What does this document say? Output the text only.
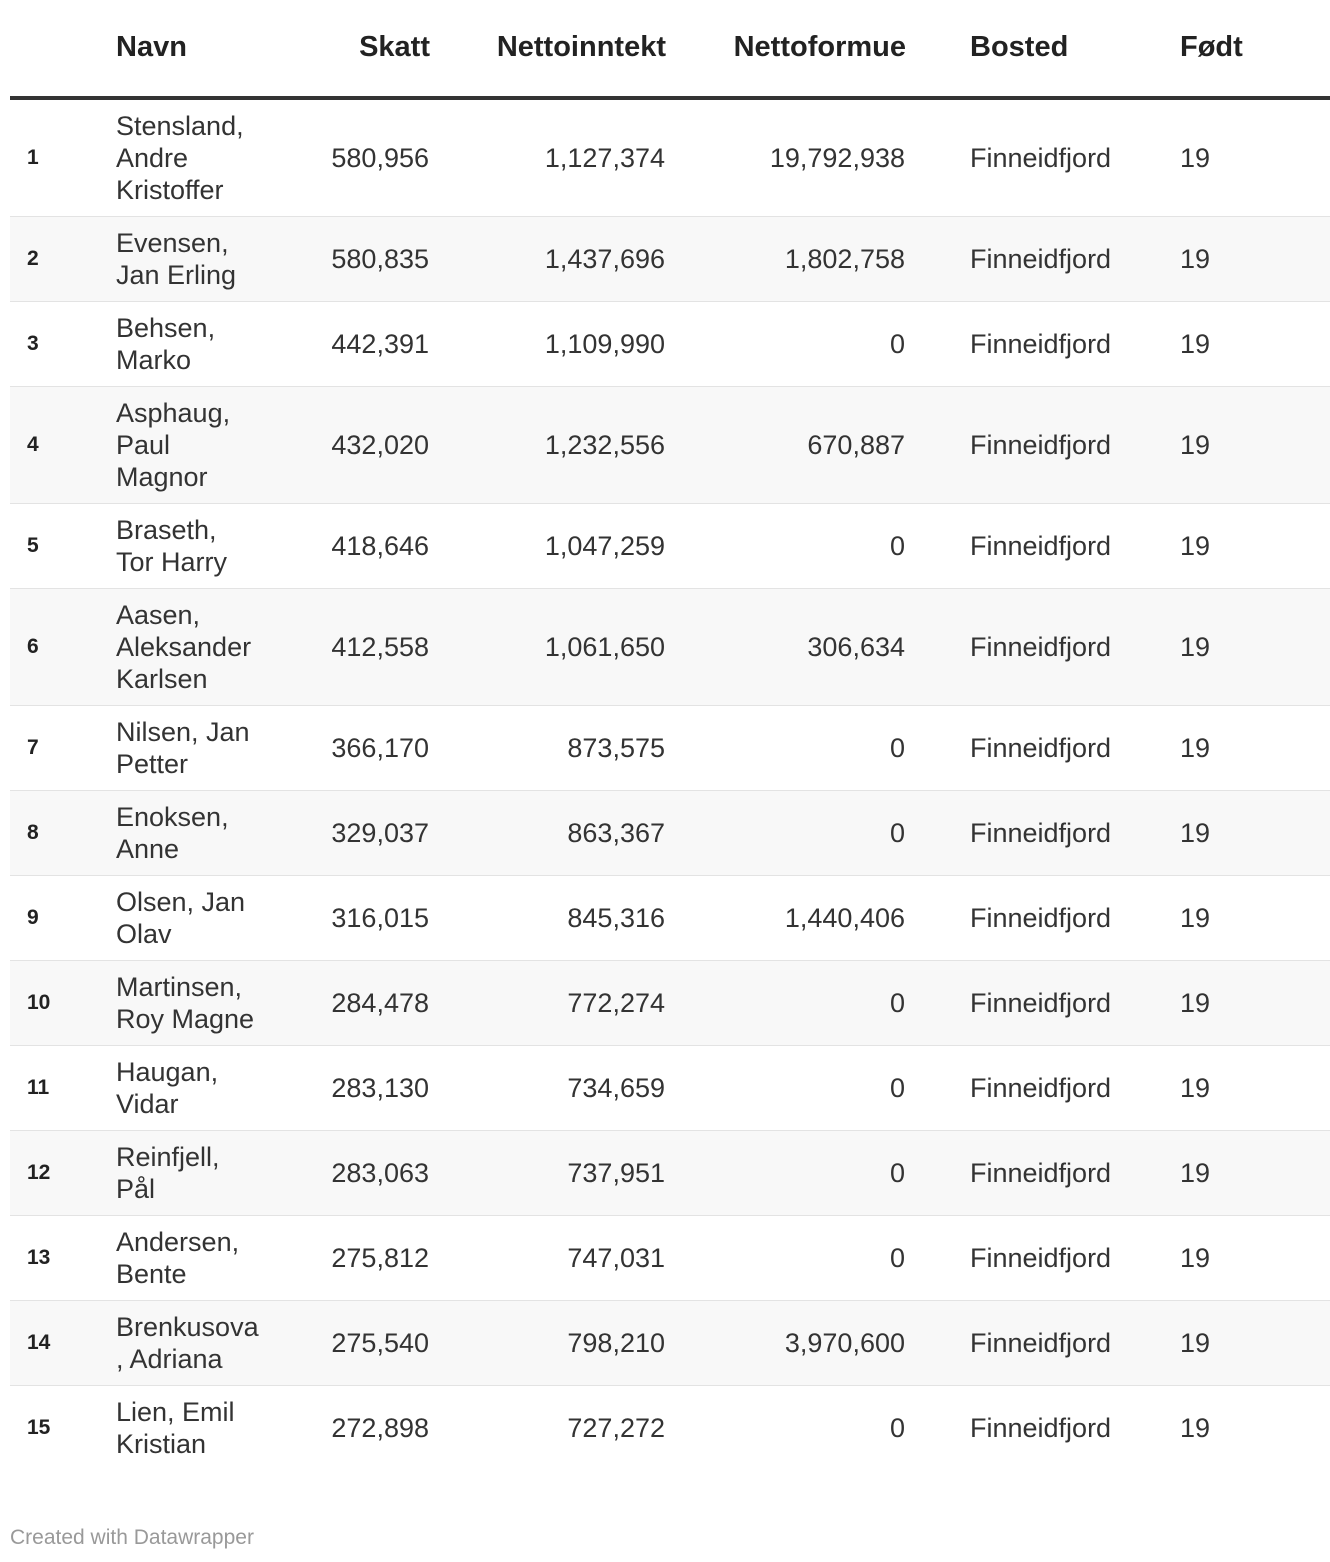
	Navn	Skatt	Nettoinntekt	Nettoformue	Bosted	Født
1	Stensland, Andre Kristoffer	580,956	1,127,374	19,792,938	Finneidfjord	19
2	Evensen, Jan Erling	580,835	1,437,696	1,802,758	Finneidfjord	19
3	Behsen, Marko	442,391	1,109,990	0	Finneidfjord	19
4	Asphaug, Paul Magnor	432,020	1,232,556	670,887	Finneidfjord	19
5	Braseth, Tor Harry	418,646	1,047,259	0	Finneidfjord	19
6	Aasen, Aleksander Karlsen	412,558	1,061,650	306,634	Finneidfjord	19
7	Nilsen, Jan Petter	366,170	873,575	0	Finneidfjord	19
8	Enoksen, Anne	329,037	863,367	0	Finneidfjord	19
9	Olsen, Jan Olav	316,015	845,316	1,440,406	Finneidfjord	19
10	Martinsen, Roy Magne	284,478	772,274	0	Finneidfjord	19
11	Haugan, Vidar	283,130	734,659	0	Finneidfjord	19
12	Reinfjell, Pål	283,063	737,951	0	Finneidfjord	19
13	Andersen, Bente	275,812	747,031	0	Finneidfjord	19
14	Brenkusova, Adriana	275,540	798,210	3,970,600	Finneidfjord	19
15	Lien, Emil Kristian	272,898	727,272	0	Finneidfjord	19
Created with Datawrapper
